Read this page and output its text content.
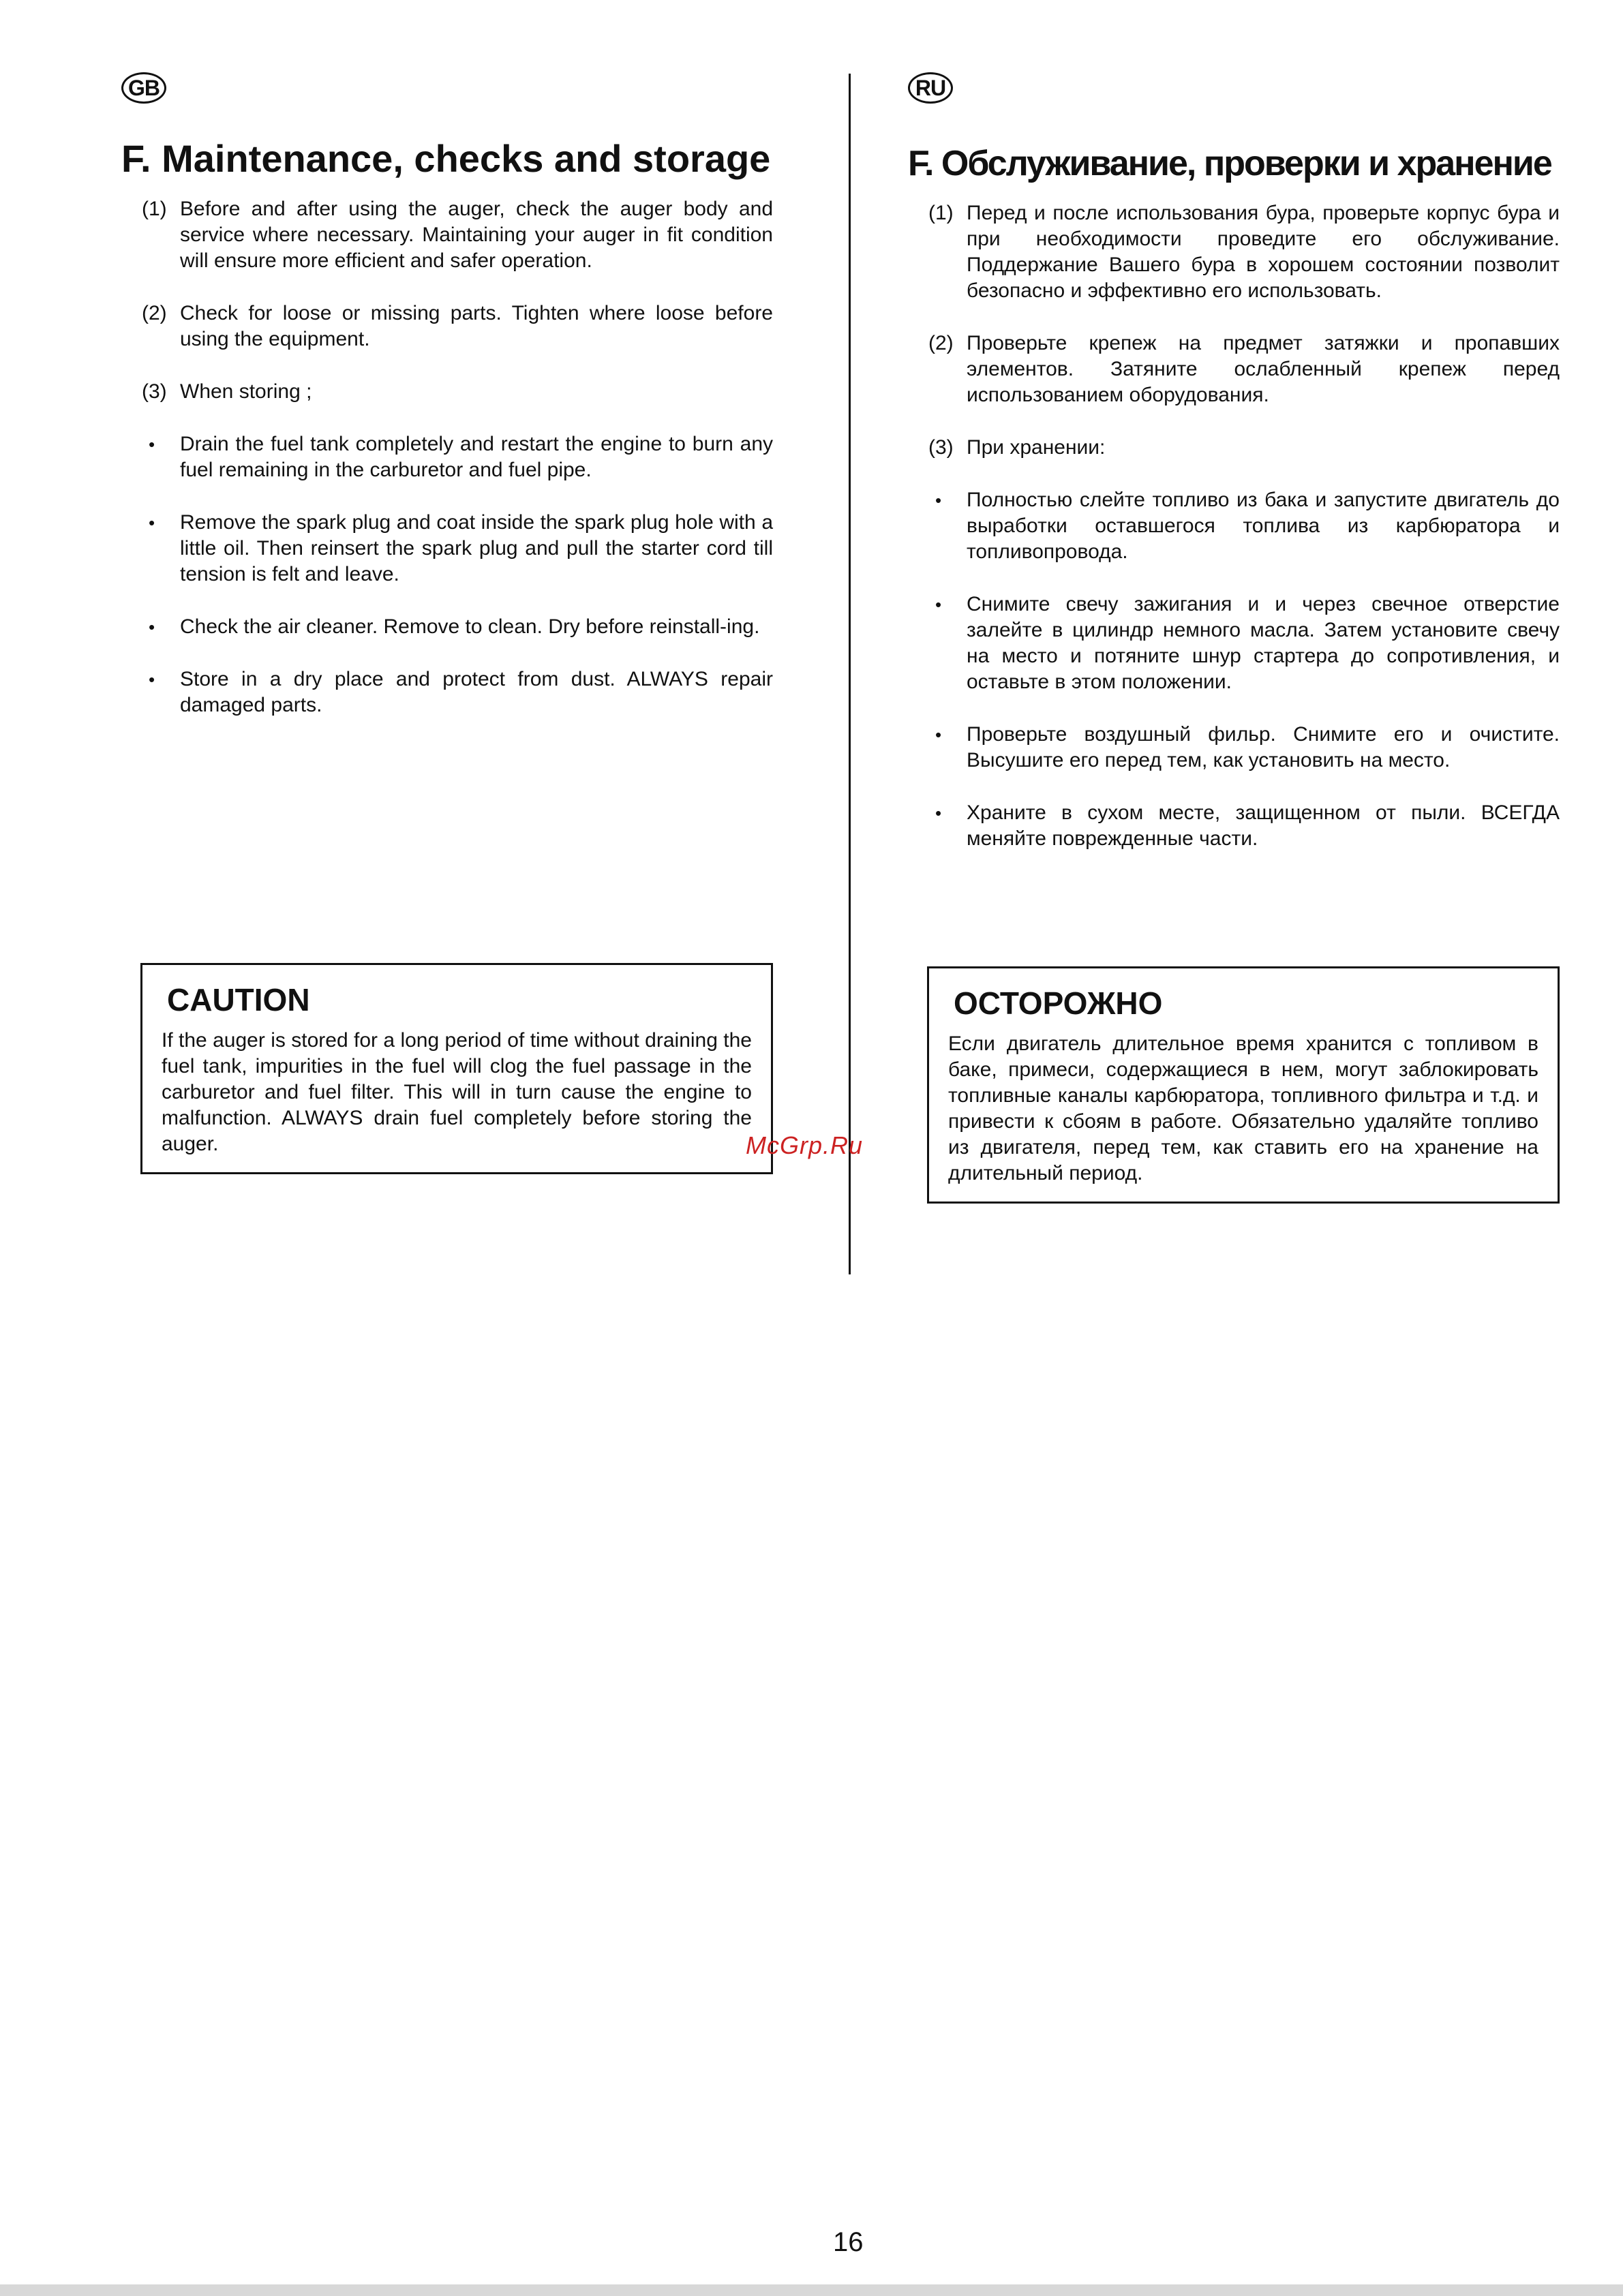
GB
F. Maintenance, checks and storage
(1) Before and after using the auger, check the auger body and service where necessary. Maintaining your auger in fit condition will ensure more efficient and safer operation.
(2) Check for loose or missing parts. Tighten where loose before using the equipment.
(3) When storing ;
• Drain the fuel tank completely and restart the engine to burn any fuel remaining in the carburetor and fuel pipe.
• Remove the spark plug and coat inside the spark plug hole with a little oil. Then reinsert the spark plug and pull the starter cord till tension is felt and leave.
• Check the air cleaner. Remove to clean. Dry before reinstall-ing.
• Store in a dry place and protect from dust. ALWAYS repair damaged parts.
CAUTION
If the auger is stored for a long period of time without draining the fuel tank, impurities in the fuel will clog the fuel passage in the carburetor and fuel filter. This will in turn cause the engine to malfunction. ALWAYS drain fuel completely before storing the auger.
RU
F. Обслуживание, проверки и хранение
(1) Перед и после использования бура, проверьте корпус бура и при необходимости проведите его обслуживание. Поддержание Вашего бура в хорошем состоянии позволит безопасно и эффективно его использовать.
(2) Проверьте крепеж на предмет затяжки и пропавших элементов. Затяните ослабленный крепеж перед использованием оборудования.
(3) При хранении:
• Полностью слейте топливо из бака и запустите двигатель до выработки оставшегося топлива из карбюратора и топливопровода.
• Снимите свечу зажигания и и через свечное отверстие залейте в цилиндр немного масла. Затем установите свечу на место и потяните шнур стартера до сопротивления, и оставьте в этом положении.
• Проверьте воздушный фильр. Снимите его и очистите. Высушите его перед тем, как установить на место.
• Храните в сухом месте, защищенном от пыли. ВСЕГДА меняйте поврежденные части.
ОСТОРОЖНО
Если двигатель длительное время хранится с топливом в баке, примеси, содержащиеся в нем, могут заблокировать топливные каналы карбюратора, топливного фильтра и т.д. и привести к сбоям в работе. Обязательно удаляйте топливо из двигателя, перед тем, как ставить его на хранение на длительный период.
McGrp.Ru
16
